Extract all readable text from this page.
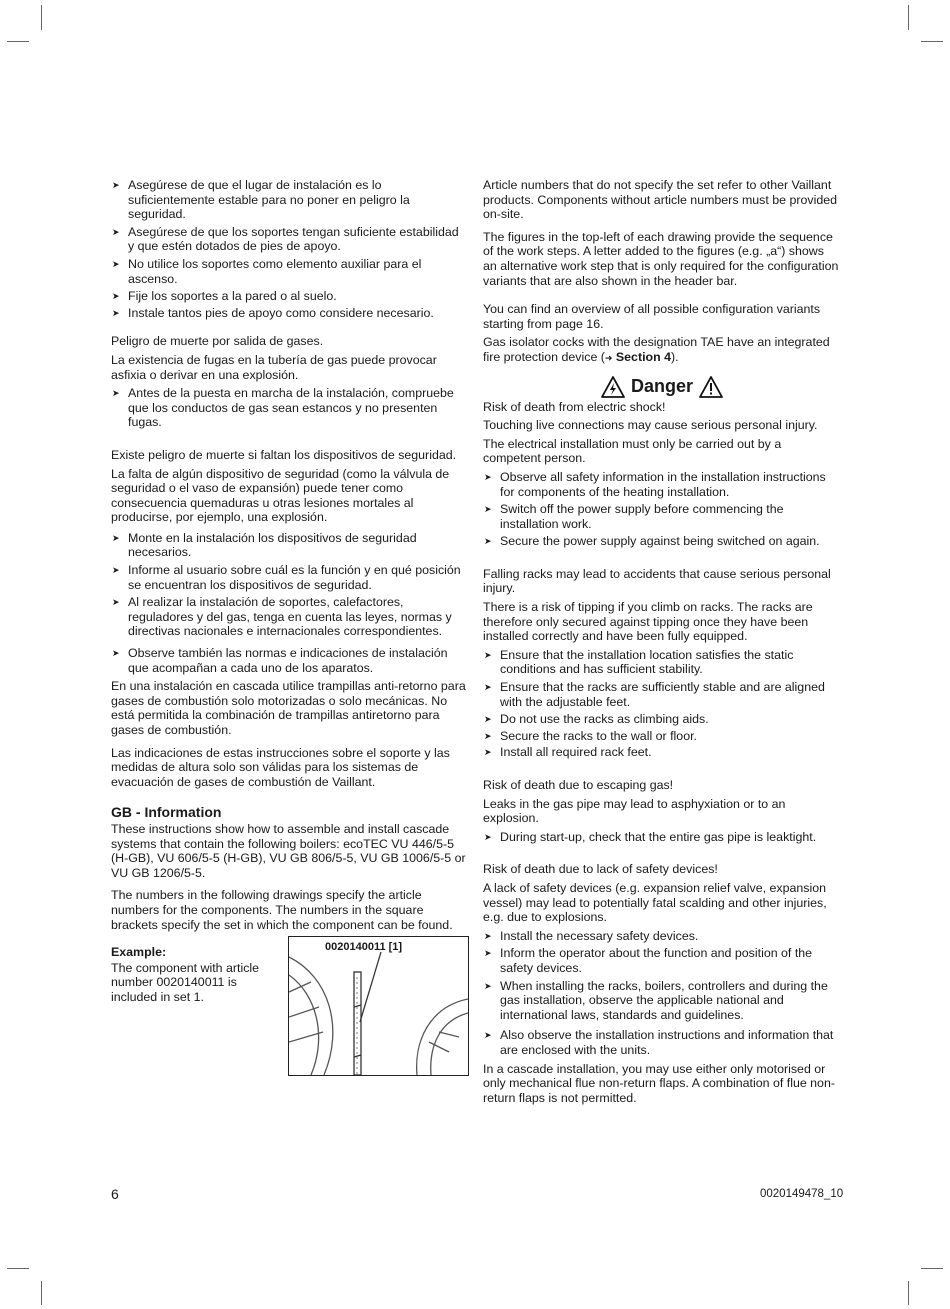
➤ Asegúrese de que el lugar de instalación es lo suficientemente estable para no poner en peligro la seguridad.
➤ Asegúrese de que los soportes tengan suficiente estabilidad y que estén dotados de pies de apoyo.
➤ No utilice los soportes como elemento auxiliar para el ascenso.
➤ Fije los soportes a la pared o al suelo.
➤ Instale tantos pies de apoyo como considere necesario.

Peligro de muerte por salida de gases.

La existencia de fugas en la tubería de gas puede provocar asfixia o derivar en una explosión.

➤ Antes de la puesta en marcha de la instalación, compruebe que los conductos de gas sean estancos y no presenten fugas.

Existe peligro de muerte si faltan los dispositivos de seguridad.

La falta de algún dispositivo de seguridad (como la válvula de seguridad o el vaso de expansión) puede tener como consecuencia quemaduras u otras lesiones mortales al producirse, por ejemplo, una explosión.

➤ Monte en la instalación los dispositivos de seguridad necesarios.
➤ Informe al usuario sobre cuál es la función y en qué posición se encuentran los dispositivos de seguridad.
➤ Al realizar la instalación de soportes, calefactores, reguladores y del gas, tenga en cuenta las leyes, normas y directivas nacionales e internacionales correspondientes.
➤ Observe también las normas e indicaciones de instalación que acompañan a cada uno de los aparatos.

En una instalación en cascada utilice trampillas anti-retorno para gases de combustión solo motorizadas o solo mecánicas. No está permitida la combinación de trampillas antiretorno para gases de combustión.

Las indicaciones de estas instrucciones sobre el soporte y las medidas de altura solo son válidas para los sistemas de evacuación de gases de combustión de Vaillant.

GB - Information

These instructions show how to assemble and install cascade systems that contain the following boilers: ecoTEC VU 446/5-5 (H-GB), VU 606/5-5 (H-GB), VU GB 806/5-5, VU GB 1006/5-5 or VU GB 1206/5-5.

The numbers in the following drawings specify the article numbers for the components. The numbers in the square brackets specify the set in which the component can be found.

Example:
The component with article number 0020140011 is included in set 1.
0020140011 [1]

Article numbers that do not specify the set refer to other Vaillant products. Components without article numbers must be provided on-site.

The figures in the top-left of each drawing provide the sequence of the work steps. A letter added to the figures (e.g. „a“) shows an alternative work step that is only required for the configuration variants that are also shown in the header bar.

You can find an overview of all possible configuration variants starting from page 16.

Gas isolator cocks with the designation TAE have an integrated fire protection device (➜ Section 4).

Danger

Risk of death from electric shock!

Touching live connections may cause serious personal injury.

The electrical installation must only be carried out by a competent person.

➤ Observe all safety information in the installation instructions for components of the heating installation.
➤ Switch off the power supply before commencing the installation work.
➤ Secure the power supply against being switched on again.

Falling racks may lead to accidents that cause serious personal injury.

There is a risk of tipping if you climb on racks. The racks are therefore only secured against tipping once they have been installed correctly and have been fully equipped.

➤ Ensure that the installation location satisfies the static conditions and has sufficient stability.
➤ Ensure that the racks are sufficiently stable and are aligned with the adjustable feet.
➤ Do not use the racks as climbing aids.
➤ Secure the racks to the wall or floor.
➤ Install all required rack feet.

Risk of death due to escaping gas!

Leaks in the gas pipe may lead to asphyxiation or to an explosion.

➤ During start-up, check that the entire gas pipe is leaktight.

Risk of death due to lack of safety devices!

A lack of safety devices (e.g. expansion relief valve, expansion vessel) may lead to potentially fatal scalding and other injuries, e.g. due to explosions.

➤ Install the necessary safety devices.
➤ Inform the operator about the function and position of the safety devices.
➤ When installing the racks, boilers, controllers and during the gas installation, observe the applicable national and international laws, standards and guidelines.
➤ Also observe the installation instructions and information that are enclosed with the units.

In a cascade installation, you may use either only motorised or only mechanical flue non-return flaps. A combination of flue non-return flaps is not permitted.

6	0020149478_10
